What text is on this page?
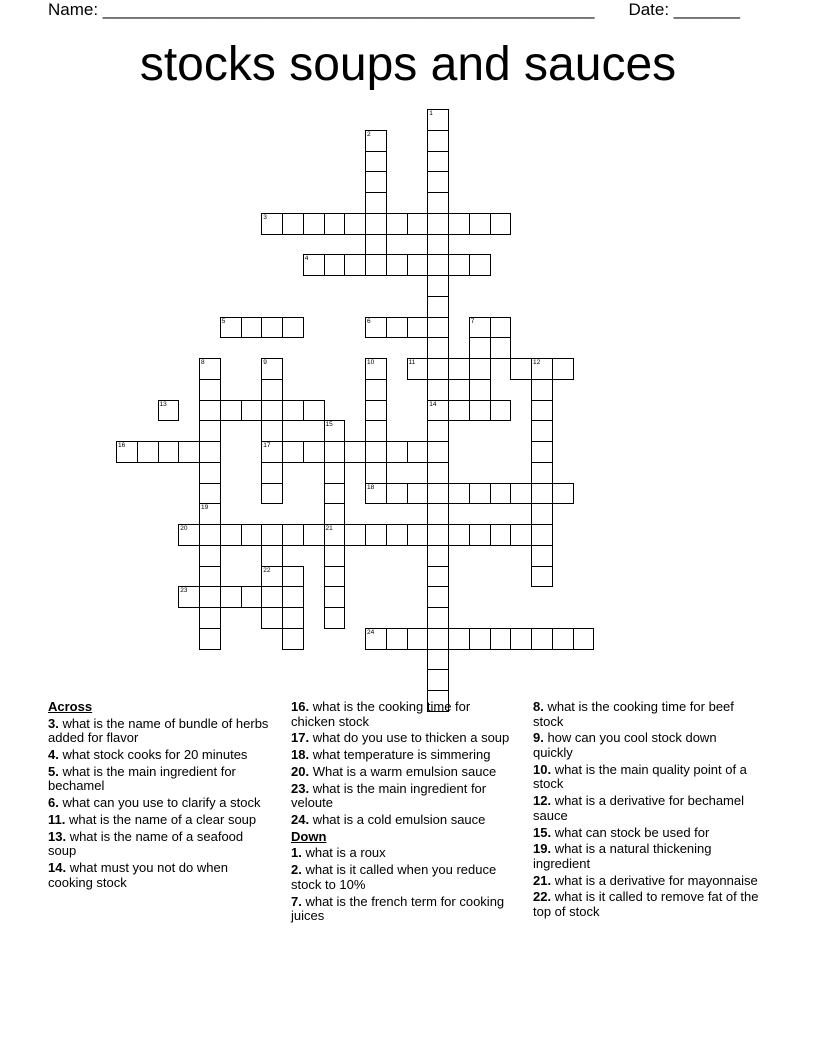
Name: ____________________________________________________ Date: _______
stocks soups and sauces
1
14
2
3
4
5	6
11	12
16	17
18
20	21
23
24
8
19
9
15
10
7
22
13
Across
3. what is the name of bundle of herbs added for flavor
4. what stock cooks for 20 minutes
5. what is the main ingredient for bechamel
6. what can you use to clarify a stock
11. what is the name of a clear soup
13. what is the name of a seafood soup
14. what must you not do when cooking stock
16. what is the cooking time for chicken stock
17. what do you use to thicken a soup
18. what temperature is simmering
20. What is a warm emulsion sauce
23. what is the main ingredient for veloute
24. what is a cold emulsion sauce
Down
1. what is a roux
2. what is it called when you reduce stock to 10%
7. what is the french term for cooking juices
8. what is the cooking time for beef stock
9. how can you cool stock down quickly
10. what is the main quality point of a stock
12. what is a derivative for bechamel sauce
15. what can stock be used for
19. what is a natural thickening ingredient
21. what is a derivative for mayonnaise
22. what is it called to remove fat of the top of stock
